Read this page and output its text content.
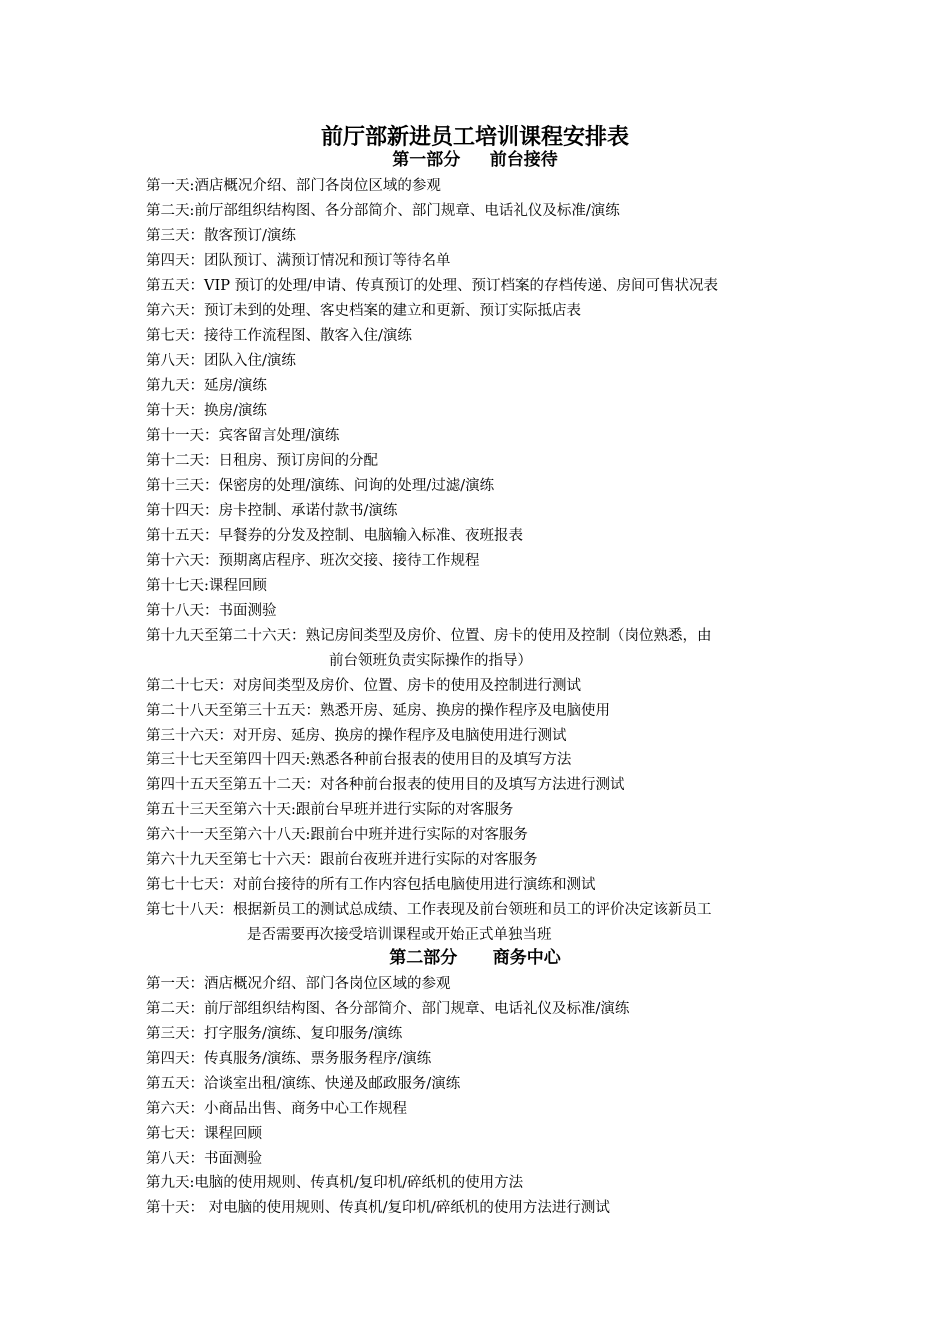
前厅部新进员工培训课程安排表
第一部分     前台接待
第一天:酒店概况介绍、部门各岗位区域的参观
第二天:前厅部组织结构图、各分部简介、部门规章、电话礼仪及标准/演练
第三天：散客预订/演练
第四天：团队预订、满预订情况和预订等待名单
第五天：VIP 预订的处理/申请、传真预订的处理、预订档案的存档传递、房间可售状况表
第六天：预订未到的处理、客史档案的建立和更新、预订实际抵店表
第七天：接待工作流程图、散客入住/演练
第八天：团队入住/演练
第九天：延房/演练
第十天：换房/演练
第十一天：宾客留言处理/演练
第十二天：日租房、预订房间的分配
第十三天：保密房的处理/演练、问询的处理/过滤/演练
第十四天：房卡控制、承诺付款书/演练
第十五天：早餐券的分发及控制、电脑输入标准、夜班报表
第十六天：预期离店程序、班次交接、接待工作规程
第十七天:课程回顾
第十八天：书面测验
第十九天至第二十六天：熟记房间类型及房价、位置、房卡的使用及控制（岗位熟悉，由
前台领班负责实际操作的指导）
第二十七天：对房间类型及房价、位置、房卡的使用及控制进行测试
第二十八天至第三十五天：熟悉开房、延房、换房的操作程序及电脑使用
第三十六天：对开房、延房、换房的操作程序及电脑使用进行测试
第三十七天至第四十四天:熟悉各种前台报表的使用目的及填写方法
第四十五天至第五十二天：对各种前台报表的使用目的及填写方法进行测试
第五十三天至第六十天:跟前台早班并进行实际的对客服务
第六十一天至第六十八天:跟前台中班并进行实际的对客服务
第六十九天至第七十六天：跟前台夜班并进行实际的对客服务
第七十七天：对前台接待的所有工作内容包括电脑使用进行演练和测试
第七十八天：根据新员工的测试总成绩、工作表现及前台领班和员工的评价决定该新员工
是否需要再次接受培训课程或开始正式单独当班
第二部分      商务中心
第一天：酒店概况介绍、部门各岗位区域的参观
第二天：前厅部组织结构图、各分部简介、部门规章、电话礼仪及标准/演练
第三天：打字服务/演练、复印服务/演练
第四天：传真服务/演练、票务服务程序/演练
第五天：洽谈室出租/演练、快递及邮政服务/演练
第六天：小商品出售、商务中心工作规程
第七天：课程回顾
第八天：书面测验
第九天:电脑的使用规则、传真机/复印机/碎纸机的使用方法
第十天： 对电脑的使用规则、传真机/复印机/碎纸机的使用方法进行测试
